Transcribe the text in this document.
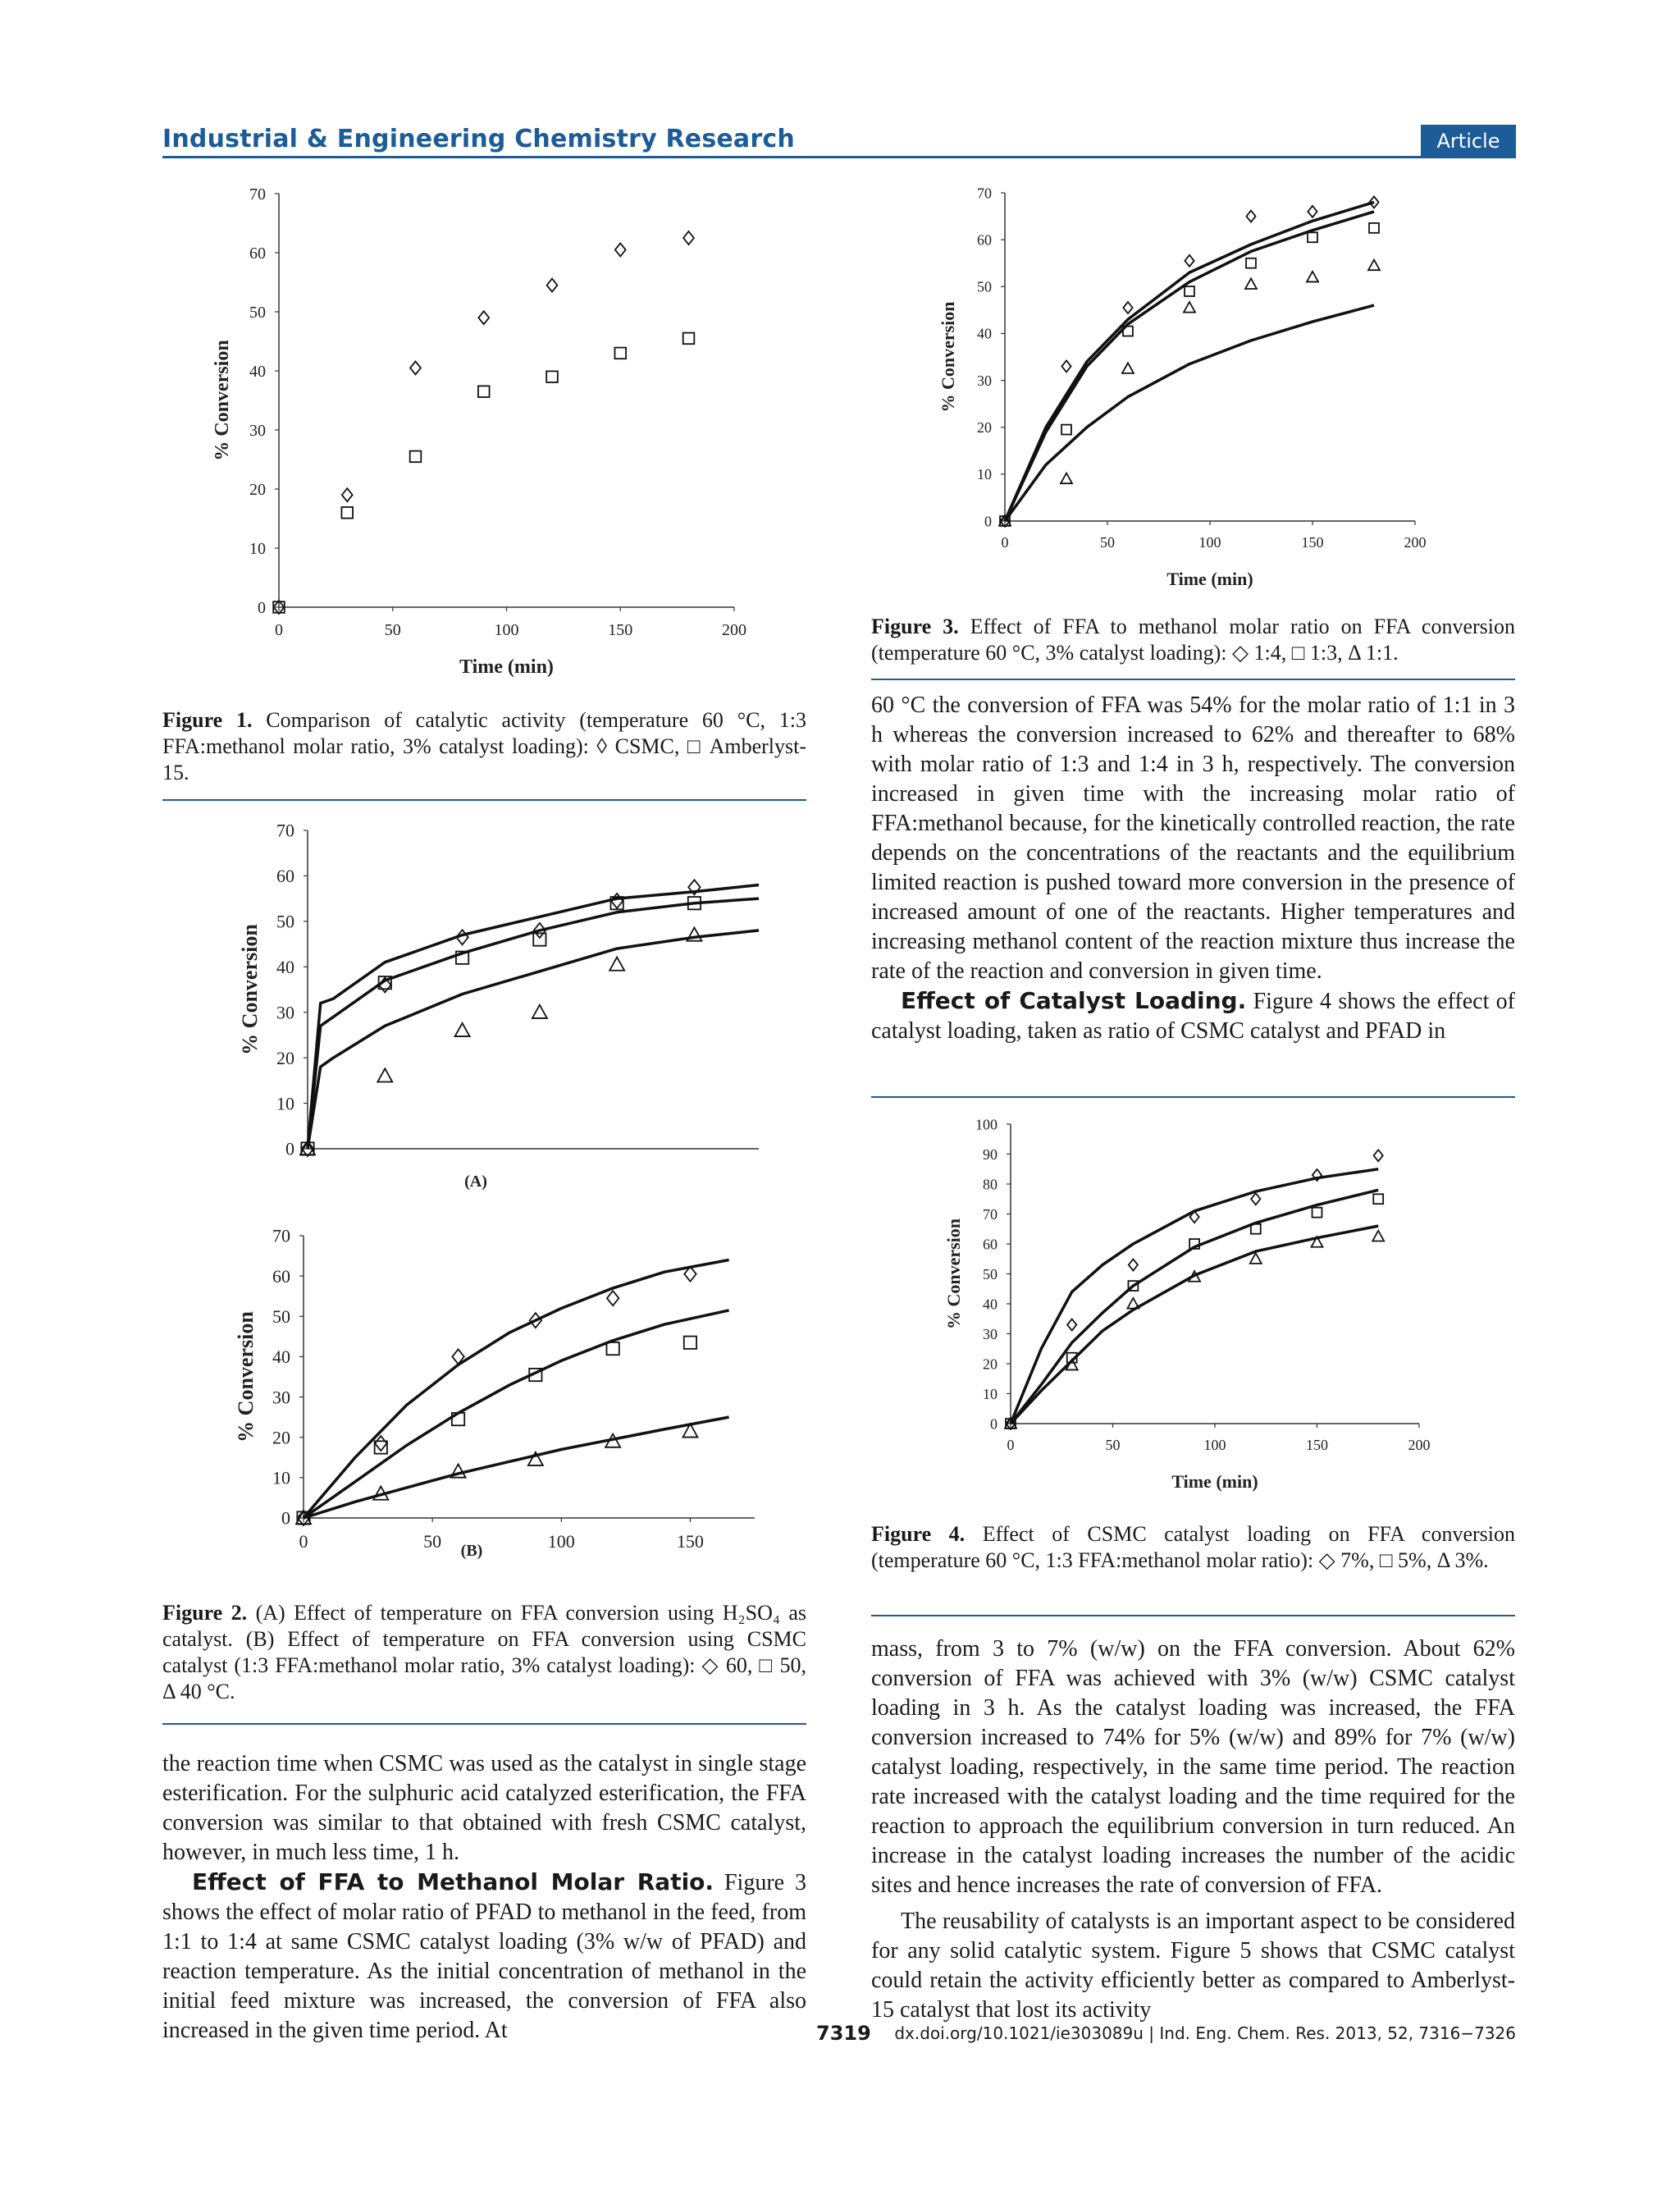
Industrial & Engineering Chemistry Research	Article
0
10
20
30
40
50
60
70
0	50	100	150	200
% Conversion
Time (min)
Figure 1. Comparison of catalytic activity (temperature 60 °C, 1:3 FFA:methanol molar ratio, 3% catalyst loading): ◊ CSMC, □ Amberlyst-15.
0
10
20
30
40
50
60
70
% Conversion
(A)
0
10
20
30
40
50
60
70
0	50	100	150
% Conversion
(B)
Figure 2. (A) Effect of temperature on FFA conversion using H₂SO₄ as catalyst. (B) Effect of temperature on FFA conversion using CSMC catalyst (1:3 FFA:methanol molar ratio, 3% catalyst loading): ◇ 60, □ 50, Δ 40 °C.

the reaction time when CSMC was used as the catalyst in single stage esterification. For the sulphuric acid catalyzed esterification, the FFA conversion was similar to that obtained with fresh CSMC catalyst, however, in much less time, 1 h.

Effect of FFA to Methanol Molar Ratio. Figure 3 shows the effect of molar ratio of PFAD to methanol in the feed, from 1:1 to 1:4 at same CSMC catalyst loading (3% w/w of PFAD) and reaction temperature. As the initial concentration of methanol in the initial feed mixture was increased, the conversion of FFA also increased in the given time period. At

0
10
20
30
40
50
60
70
0	50	100	150	200
% Conversion
Time (min)
Figure 3. Effect of FFA to methanol molar ratio on FFA conversion (temperature 60 °C, 3% catalyst loading): ◇ 1:4, □ 1:3, Δ 1:1.

60 °C the conversion of FFA was 54% for the molar ratio of 1:1 in 3 h whereas the conversion increased to 62% and thereafter to 68% with molar ratio of 1:3 and 1:4 in 3 h, respectively. The conversion increased in given time with the increasing molar ratio of FFA:methanol because, for the kinetically controlled reaction, the rate depends on the concentrations of the reactants and the equilibrium limited reaction is pushed toward more conversion in the presence of increased amount of one of the reactants. Higher temperatures and increasing methanol content of the reaction mixture thus increase the rate of the reaction and conversion in given time.

Effect of Catalyst Loading. Figure 4 shows the effect of catalyst loading, taken as ratio of CSMC catalyst and PFAD in

0
10
20
30
40
50
60
70
80
90
100
0	50	100	150	200
% Conversion
Time (min)
Figure 4. Effect of CSMC catalyst loading on FFA conversion (temperature 60 °C, 1:3 FFA:methanol molar ratio): ◇ 7%, □ 5%, Δ 3%.

mass, from 3 to 7% (w/w) on the FFA conversion. About 62% conversion of FFA was achieved with 3% (w/w) CSMC catalyst loading in 3 h. As the catalyst loading was increased, the FFA conversion increased to 74% for 5% (w/w) and 89% for 7% (w/w) catalyst loading, respectively, in the same time period. The reaction rate increased with the catalyst loading and the time required for the reaction to approach the equilibrium conversion in turn reduced. An increase in the catalyst loading increases the number of the acidic sites and hence increases the rate of conversion of FFA.

The reusability of catalysts is an important aspect to be considered for any solid catalytic system. Figure 5 shows that CSMC catalyst could retain the activity efficiently better as compared to Amberlyst-15 catalyst that lost its activity

7319 dx.doi.org/10.1021/ie303089u | Ind. Eng. Chem. Res. 2013, 52, 7316−7326
